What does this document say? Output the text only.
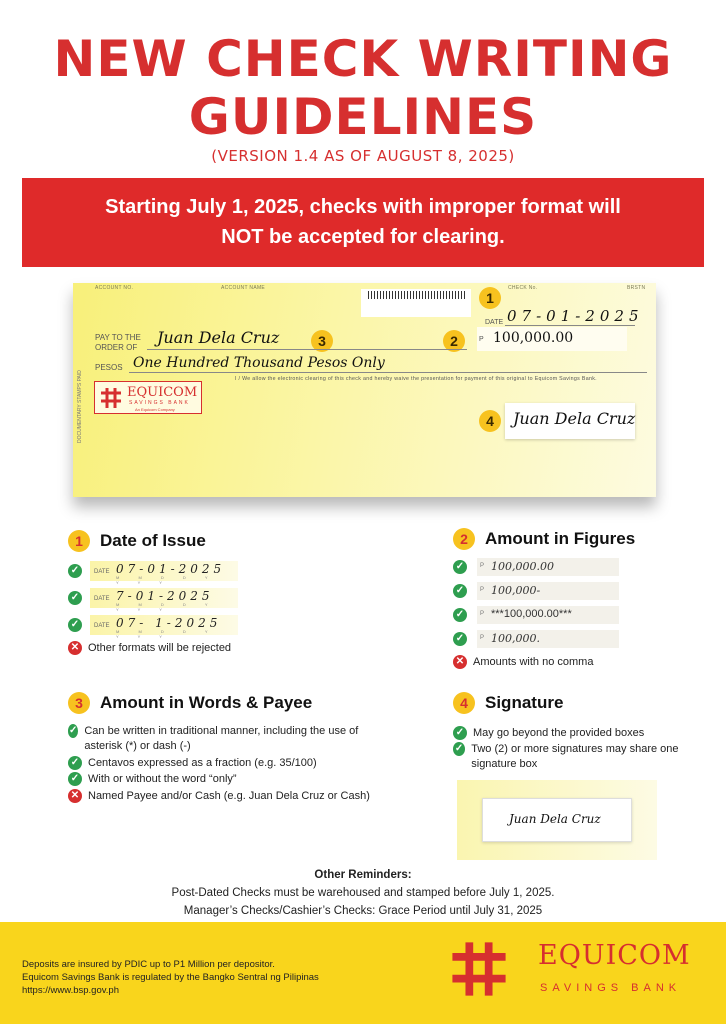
NEW CHECK WRITING
GUIDELINES
(VERSION 1.4 AS OF AUGUST 8, 2025)
Starting July 1, 2025, checks with improper format will
NOT be accepted for clearing.
ACCOUNT NO.	ACCOUNT NAME	CHECK No.	BRSTN
1
DATE 07-01-2025
DOCUMENTARY STAMPS PAID
PAY TO THE
ORDER OF
Juan Dela Cruz	3	2	P 100,000.00
PESOS One Hundred Thousand Pesos Only
I / We allow the electronic clearing of this check and hereby waive the presentation for payment of this original to Equicom Savings Bank.
EQUICOM
SAVINGS BANK
An Equicom Company
4	Juan Dela Cruz
1	Date of Issue
✓	DATE 07-01-2025
M M D D Y Y Y Y
✓	DATE 7-01-2025
M M D D Y Y Y Y
✓	DATE 07- 1-2025
M M D D Y Y Y Y
✕ Other formats will be rejected
2	Amount in Figures
✓	P 100,000.00
✓	P 100,000-
✓	P ***100,000.00***
✓	P 100,000.
✕ Amounts with no comma
3	Amount in Words & Payee
✓ Can be written in traditional manner, including the use of asterisk (*) or dash (-)
✓ Centavos expressed as a fraction (e.g. 35/100)
✓ With or without the word “only”
✕ Named Payee and/or Cash (e.g. Juan Dela Cruz or Cash)
4	Signature
✓ May go beyond the provided boxes
✓ Two (2) or more signatures may share one signature box
Juan Dela Cruz
Other Reminders:
Post-Dated Checks must be warehoused and stamped before July 1, 2025.
Manager’s Checks/Cashier’s Checks: Grace Period until July 31, 2025
Deposits are insured by PDIC up to P1 Million per depositor.
Equicom Savings Bank is regulated by the Bangko Sentral ng Pilipinas
https://www.bsp.gov.ph
EQUICOM
SAVINGS BANK
